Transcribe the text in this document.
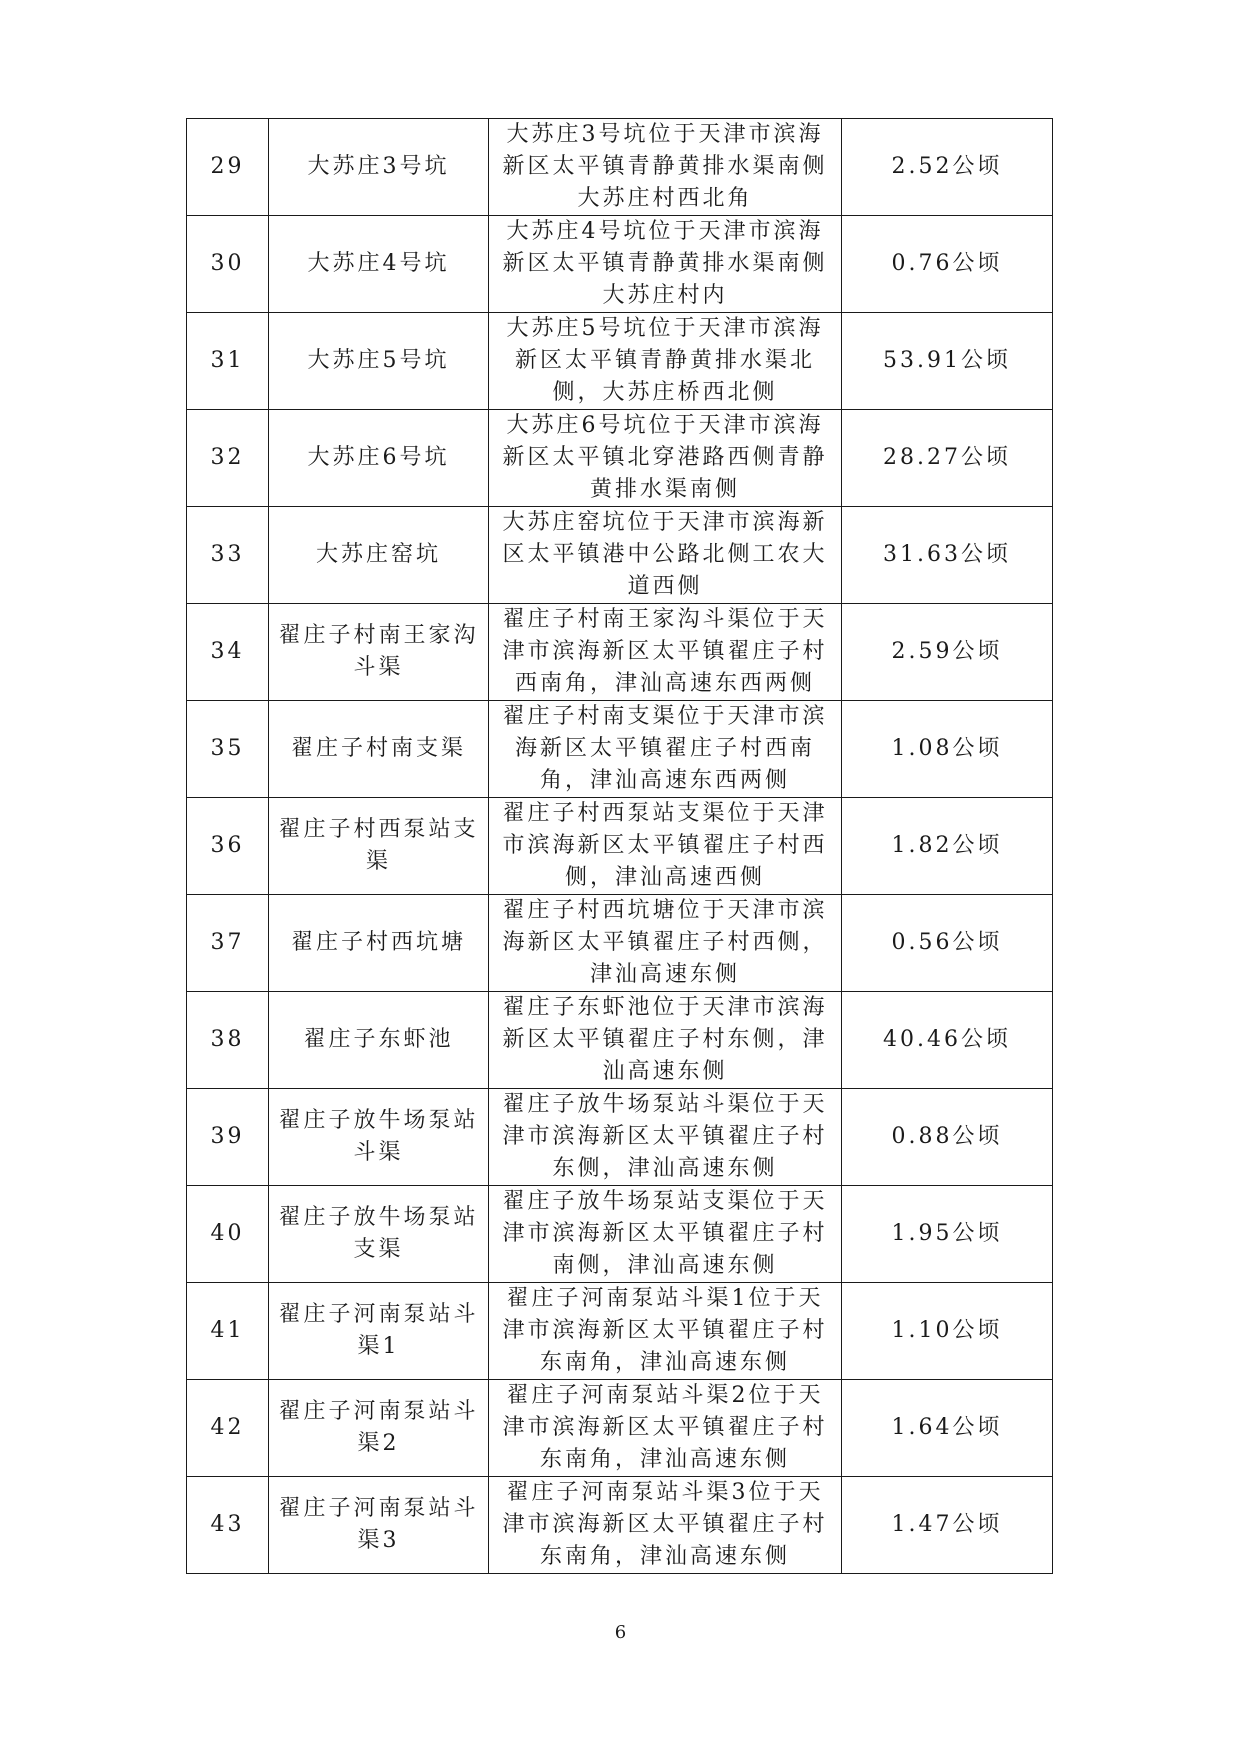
29	大苏庄3号坑	大苏庄3号坑位于天津市滨海新区太平镇青静黄排水渠南侧大苏庄村西北角	2.52公顷
30	大苏庄4号坑	大苏庄4号坑位于天津市滨海新区太平镇青静黄排水渠南侧大苏庄村内	0.76公顷
31	大苏庄5号坑	大苏庄5号坑位于天津市滨海新区太平镇青静黄排水渠北侧，大苏庄桥西北侧	53.91公顷
32	大苏庄6号坑	大苏庄6号坑位于天津市滨海新区太平镇北穿港路西侧青静黄排水渠南侧	28.27公顷
33	大苏庄窑坑	大苏庄窑坑位于天津市滨海新区太平镇港中公路北侧工农大道西侧	31.63公顷
34	翟庄子村南王家沟斗渠	翟庄子村南王家沟斗渠位于天津市滨海新区太平镇翟庄子村西南角，津汕高速东西两侧	2.59公顷
35	翟庄子村南支渠	翟庄子村南支渠位于天津市滨海新区太平镇翟庄子村西南角，津汕高速东西两侧	1.08公顷
36	翟庄子村西泵站支渠	翟庄子村西泵站支渠位于天津市滨海新区太平镇翟庄子村西侧，津汕高速西侧	1.82公顷
37	翟庄子村西坑塘	翟庄子村西坑塘位于天津市滨海新区太平镇翟庄子村西侧，津汕高速东侧	0.56公顷
38	翟庄子东虾池	翟庄子东虾池位于天津市滨海新区太平镇翟庄子村东侧，津汕高速东侧	40.46公顷
39	翟庄子放牛场泵站斗渠	翟庄子放牛场泵站斗渠位于天津市滨海新区太平镇翟庄子村东侧，津汕高速东侧	0.88公顷
40	翟庄子放牛场泵站支渠	翟庄子放牛场泵站支渠位于天津市滨海新区太平镇翟庄子村南侧，津汕高速东侧	1.95公顷
41	翟庄子河南泵站斗渠1	翟庄子河南泵站斗渠1位于天津市滨海新区太平镇翟庄子村东南角，津汕高速东侧	1.10公顷
42	翟庄子河南泵站斗渠2	翟庄子河南泵站斗渠2位于天津市滨海新区太平镇翟庄子村东南角，津汕高速东侧	1.64公顷
43	翟庄子河南泵站斗渠3	翟庄子河南泵站斗渠3位于天津市滨海新区太平镇翟庄子村东南角，津汕高速东侧	1.47公顷
6
